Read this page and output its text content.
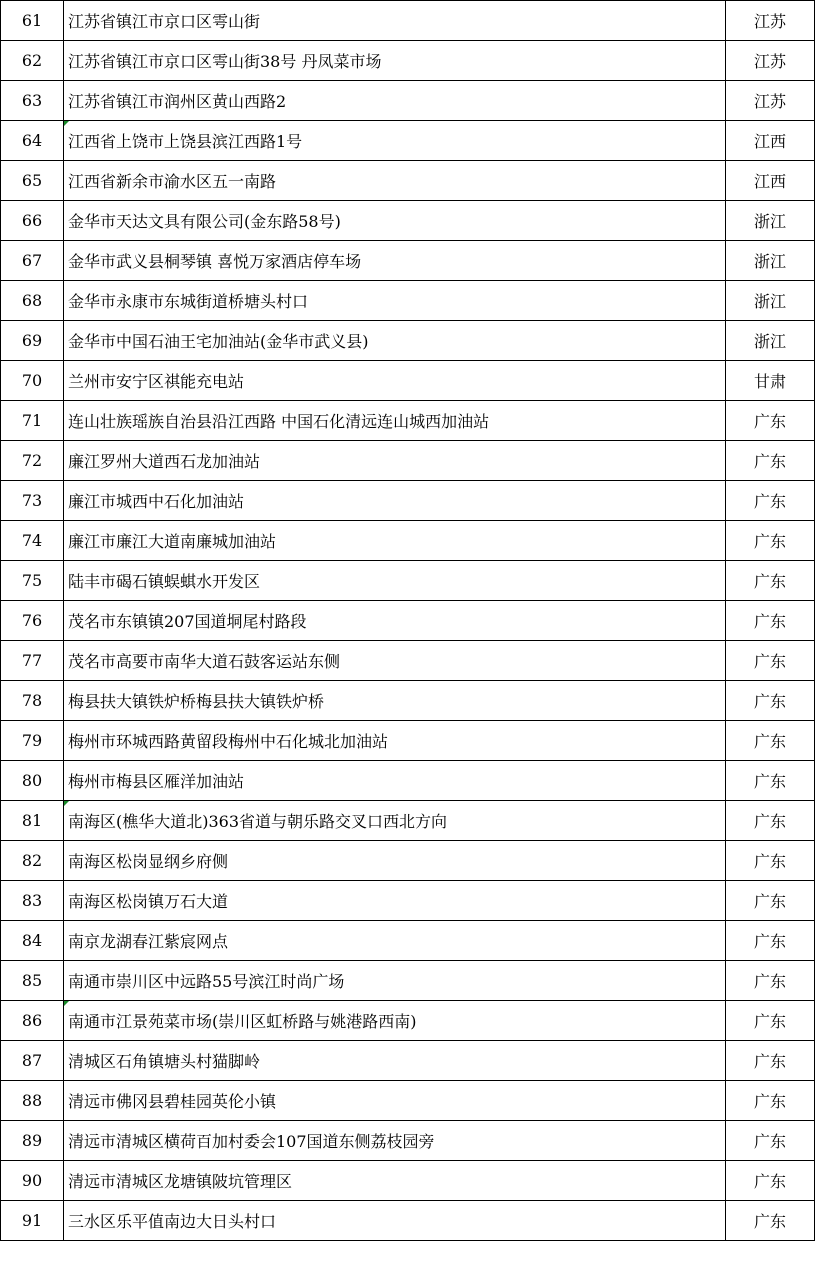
61	江苏省镇江市京口区雩山街	江苏
62	江苏省镇江市京口区雩山街38号 丹凤菜市场	江苏
63	江苏省镇江市润州区黄山西路2	江苏
64	江西省上饶市上饶县滨江西路1号	江西
65	江西省新余市渝水区五一南路	江西
66	金华市天达文具有限公司(金东路58号)	浙江
67	金华市武义县桐琴镇 喜悦万家酒店停车场	浙江
68	金华市永康市东城街道桥塘头村口	浙江
69	金华市中国石油王宅加油站(金华市武义县)	浙江
70	兰州市安宁区祺能充电站	甘肃
71	连山壮族瑶族自治县沿江西路 中国石化清远连山城西加油站	广东
72	廉江罗州大道西石龙加油站	广东
73	廉江市城西中石化加油站	广东
74	廉江市廉江大道南廉城加油站	广东
75	陆丰市碣石镇蜈蜞水开发区	广东
76	茂名市东镇镇207国道垌尾村路段	广东
77	茂名市高要市南华大道石鼓客运站东侧	广东
78	梅县扶大镇铁炉桥梅县扶大镇铁炉桥	广东
79	梅州市环城西路黄留段梅州中石化城北加油站	广东
80	梅州市梅县区雁洋加油站	广东
81	南海区(樵华大道北)363省道与朝乐路交叉口西北方向	广东
82	南海区松岗显纲乡府侧	广东
83	南海区松岗镇万石大道	广东
84	南京龙湖春江紫宸网点	广东
85	南通市崇川区中远路55号滨江时尚广场	广东
86	南通市江景苑菜市场(崇川区虹桥路与姚港路西南)	广东
87	清城区石角镇塘头村猫脚岭	广东
88	清远市佛冈县碧桂园英伦小镇	广东
89	清远市清城区横荷百加村委会107国道东侧荔枝园旁	广东
90	清远市清城区龙塘镇陂坑管理区	广东
91	三水区乐平值南边大日头村口	广东
